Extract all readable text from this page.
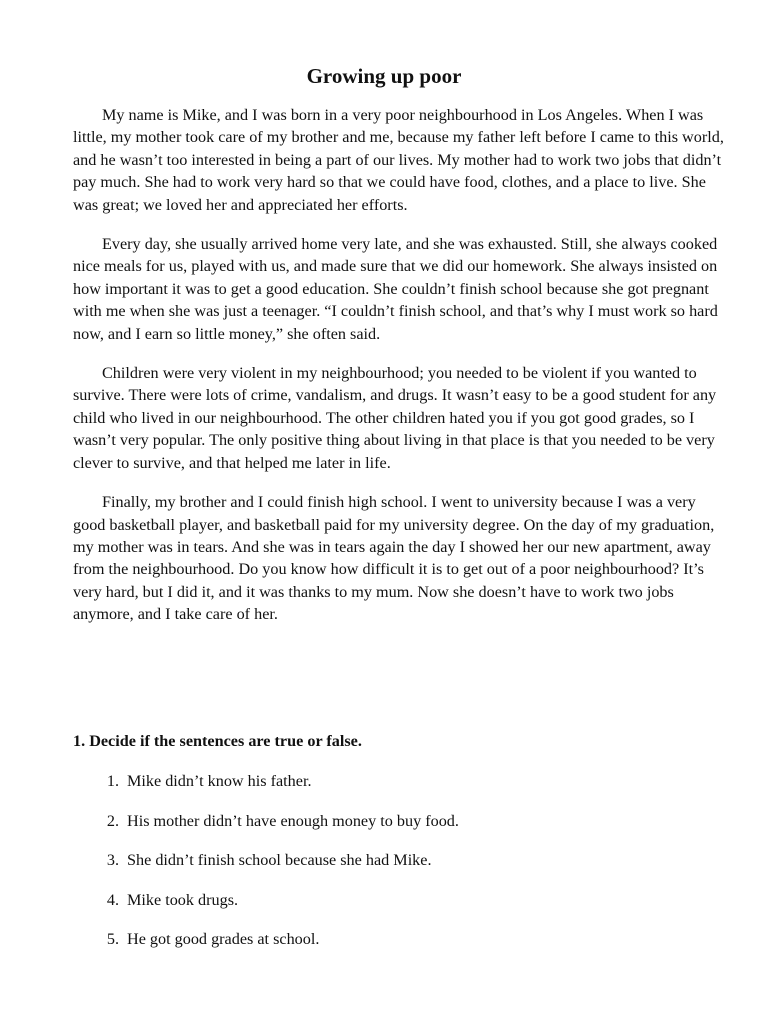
Growing up poor

My name is Mike, and I was born in a very poor neighbourhood in Los Angeles. When I was little, my mother took care of my brother and me, because my father left before I came to this world, and he wasn’t too interested in being a part of our lives. My mother had to work two jobs that didn’t pay much. She had to work very hard so that we could have food, clothes, and a place to live. She was great; we loved her and appreciated her efforts.

Every day, she usually arrived home very late, and she was exhausted. Still, she always cooked nice meals for us, played with us, and made sure that we did our homework. She always insisted on how important it was to get a good education. She couldn’t finish school because she got pregnant with me when she was just a teenager. “I couldn’t finish school, and that’s why I must work so hard now, and I earn so little money,” she often said.

Children were very violent in my neighbourhood; you needed to be violent if you wanted to survive. There were lots of crime, vandalism, and drugs. It wasn’t easy to be a good student for any child who lived in our neighbourhood. The other children hated you if you got good grades, so I wasn’t very popular. The only positive thing about living in that place is that you needed to be very clever to survive, and that helped me later in life.

Finally, my brother and I could finish high school. I went to university because I was a very good basketball player, and basketball paid for my university degree. On the day of my graduation, my mother was in tears. And she was in tears again the day I showed her our new apartment, away from the neighbourhood. Do you know how difficult it is to get out of a poor neighbourhood? It’s very hard, but I did it, and it was thanks to my mum. Now she doesn’t have to work two jobs anymore, and I take care of her.

1. Decide if the sentences are true or false.

1. Mike didn’t know his father.
2. His mother didn’t have enough money to buy food.
3. She didn’t finish school because she had Mike.
4. Mike took drugs.
5. He got good grades at school.
